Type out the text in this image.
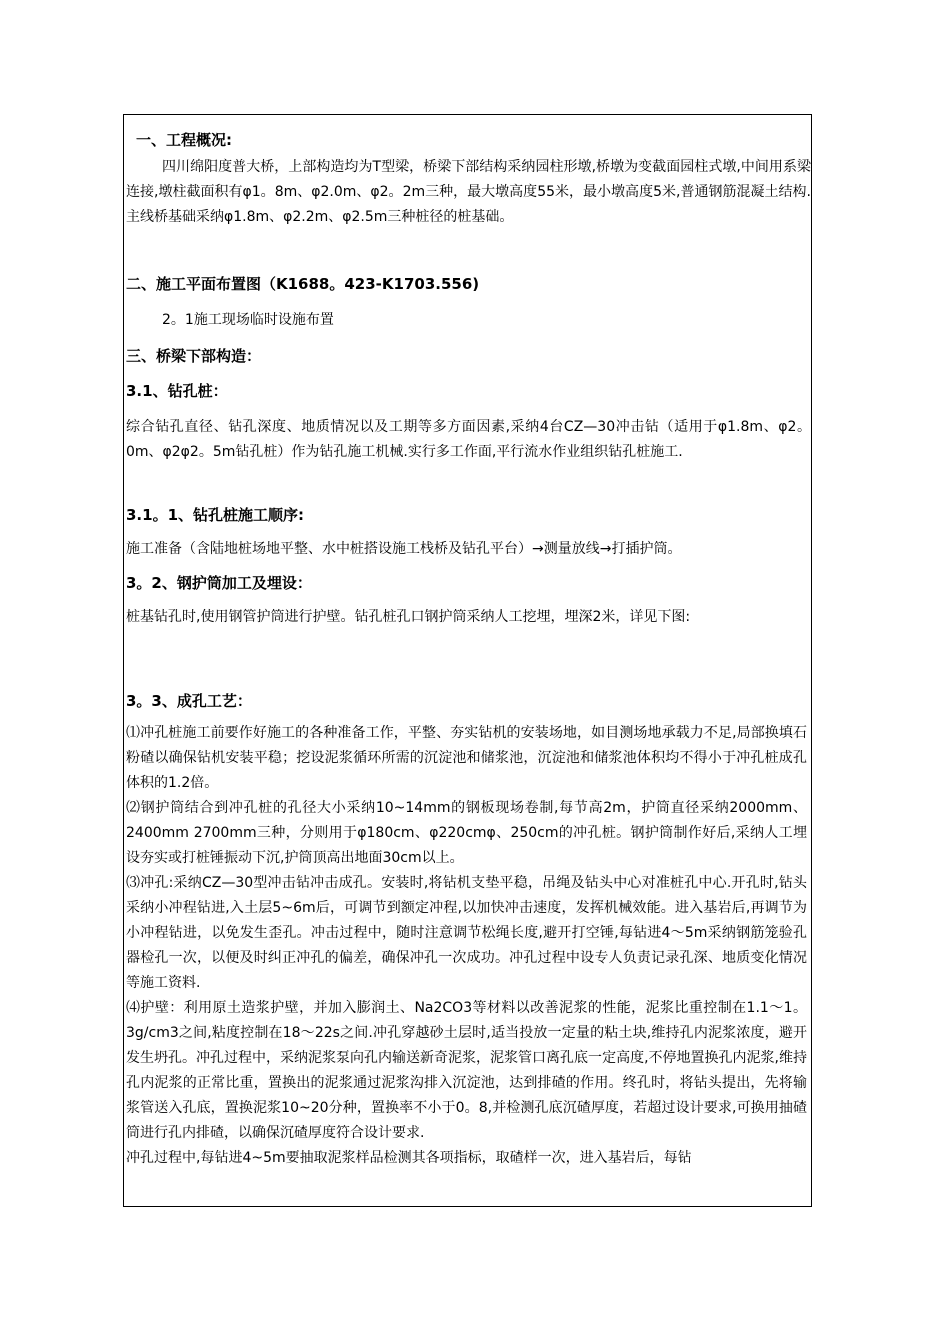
一、工程概况:

四川绵阳度普大桥，上部构造均为T型梁，桥梁下部结构采纳园柱形墩,桥墩为变截面园柱式墩,中间用系梁连接,墩柱截面积有φ1。8m、φ2.0m、φ2。2m三种，最大墩高度55米，最小墩高度5米,普通钢筋混凝土结构.主线桥基础采纳φ1.8m、φ2.2m、φ2.5m三种桩径的桩基础。

二、施工平面布置图（K1688。423-K1703.556)

2。1施工现场临时设施布置

三、桥梁下部构造：

3.1、钻孔桩：

综合钻孔直径、钻孔深度、地质情况以及工期等多方面因素,采纳4台CZ—30冲击钻（适用于φ1.8m、φ2。0m、φ2φ2。5m钻孔桩）作为钻孔施工机械.实行多工作面,平行流水作业组织钻孔桩施工.

3.1。1、钻孔桩施工顺序:

施工准备（含陆地桩场地平整、水中桩搭设施工栈桥及钻孔平台）→测量放线→打插护筒。

3。2、钢护筒加工及埋设：

桩基钻孔时,使用钢管护筒进行护壁。钻孔桩孔口钢护筒采纳人工挖埋，埋深2米，详见下图:

3。3、成孔工艺：

⑴冲孔桩施工前要作好施工的各种准备工作，平整、夯实钻机的安装场地，如目测场地承载力不足,局部换填石粉碴以确保钻机安装平稳；挖设泥浆循环所需的沉淀池和储浆池，沉淀池和储浆池体积均不得小于冲孔桩成孔体积的1.2倍。

⑵钢护筒结合到冲孔桩的孔径大小采纳10~14mm的钢板现场卷制,每节高2m，护筒直径采纳2000mm、2400mm 2700mm三种，分则用于φ180cm、φ220cmφ、250cm的冲孔桩。钢护筒制作好后,采纳人工埋设夯实或打桩锤振动下沉,护筒顶高出地面30cm以上。

⑶冲孔:采纳CZ—30型冲击钻冲击成孔。安装时,将钻机支垫平稳，吊绳及钻头中心对准桩孔中心.开孔时,钻头采纳小冲程钻进,入土层5~6m后，可调节到额定冲程,以加快冲击速度，发挥机械效能。进入基岩后,再调节为小冲程钻进，以免发生歪孔。冲击过程中，随时注意调节松绳长度,避开打空锤,每钻进4～5m采纳钢筋笼验孔器检孔一次，以便及时纠正冲孔的偏差，确保冲孔一次成功。冲孔过程中设专人负责记录孔深、地质变化情况等施工资料.

⑷护壁：利用原土造浆护壁，并加入膨润土、Na2CO3等材料以改善泥浆的性能，泥浆比重控制在1.1～1。3g/cm3之间,粘度控制在18～22s之间.冲孔穿越砂土层时,适当投放一定量的粘土块,维持孔内泥浆浓度，避开发生坍孔。冲孔过程中，采纳泥浆泵向孔内输送新奇泥浆，泥浆管口离孔底一定高度,不停地置换孔内泥浆,维持孔内泥浆的正常比重，置换出的泥浆通过泥浆沟排入沉淀池，达到排碴的作用。终孔时，将钻头提出，先将输浆管送入孔底，置换泥浆10~20分种，置换率不小于0。8,并检测孔底沉碴厚度，若超过设计要求,可换用抽碴筒进行孔内排碴，以确保沉碴厚度符合设计要求.

冲孔过程中,每钻进4~5m要抽取泥浆样品检测其各项指标，取碴样一次，进入基岩后，每钻
